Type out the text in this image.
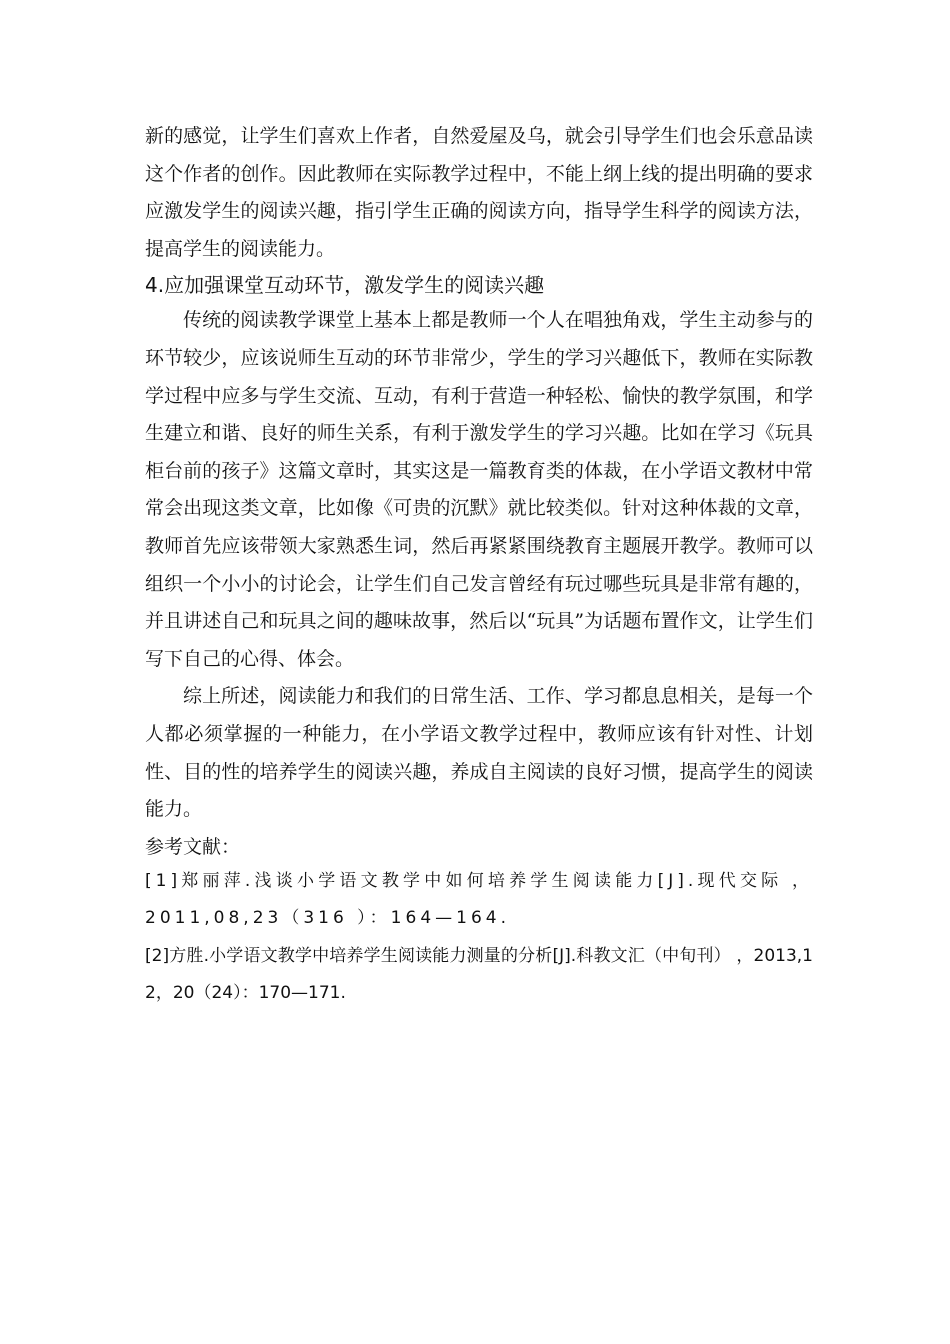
新的感觉，让学生们喜欢上作者，自然爱屋及乌，就会引导学生们也会乐意品读这个作者的创作。因此教师在实际教学过程中，不能上纲上线的提出明确的要求应激发学生的阅读兴趣，指引学生正确的阅读方向，指导学生科学的阅读方法，提高学生的阅读能力。

4.应加强课堂互动环节，激发学生的阅读兴趣

传统的阅读教学课堂上基本上都是教师一个人在唱独角戏，学生主动参与的环节较少，应该说师生互动的环节非常少，学生的学习兴趣低下，教师在实际教学过程中应多与学生交流、互动，有利于营造一种轻松、愉快的教学氛围，和学生建立和谐、良好的师生关系，有利于激发学生的学习兴趣。比如在学习《玩具柜台前的孩子》这篇文章时，其实这是一篇教育类的体裁，在小学语文教材中常常会出现这类文章，比如像《可贵的沉默》就比较类似。针对这种体裁的文章，教师首先应该带领大家熟悉生词，然后再紧紧围绕教育主题展开教学。教师可以组织一个小小的讨论会，让学生们自己发言曾经有玩过哪些玩具是非常有趣的，并且讲述自己和玩具之间的趣味故事，然后以“玩具”为话题布置作文，让学生们写下自己的心得、体会。

综上所述，阅读能力和我们的日常生活、工作、学习都息息相关，是每一个人都必须掌握的一种能力，在小学语文教学过程中，教师应该有针对性、计划性、目的性的培养学生的阅读兴趣，养成自主阅读的良好习惯，提高学生的阅读能力。

参考文献：

[1]郑丽萍.浅谈小学语文教学中如何培养学生阅读能力[J].现代交际 ，2011,08,23（316 ）：164—164.

[2]方胜.小学语文教学中培养学生阅读能力测量的分析[J].科教文汇（中旬刊） ，2013,12，20（24）：170—171.
